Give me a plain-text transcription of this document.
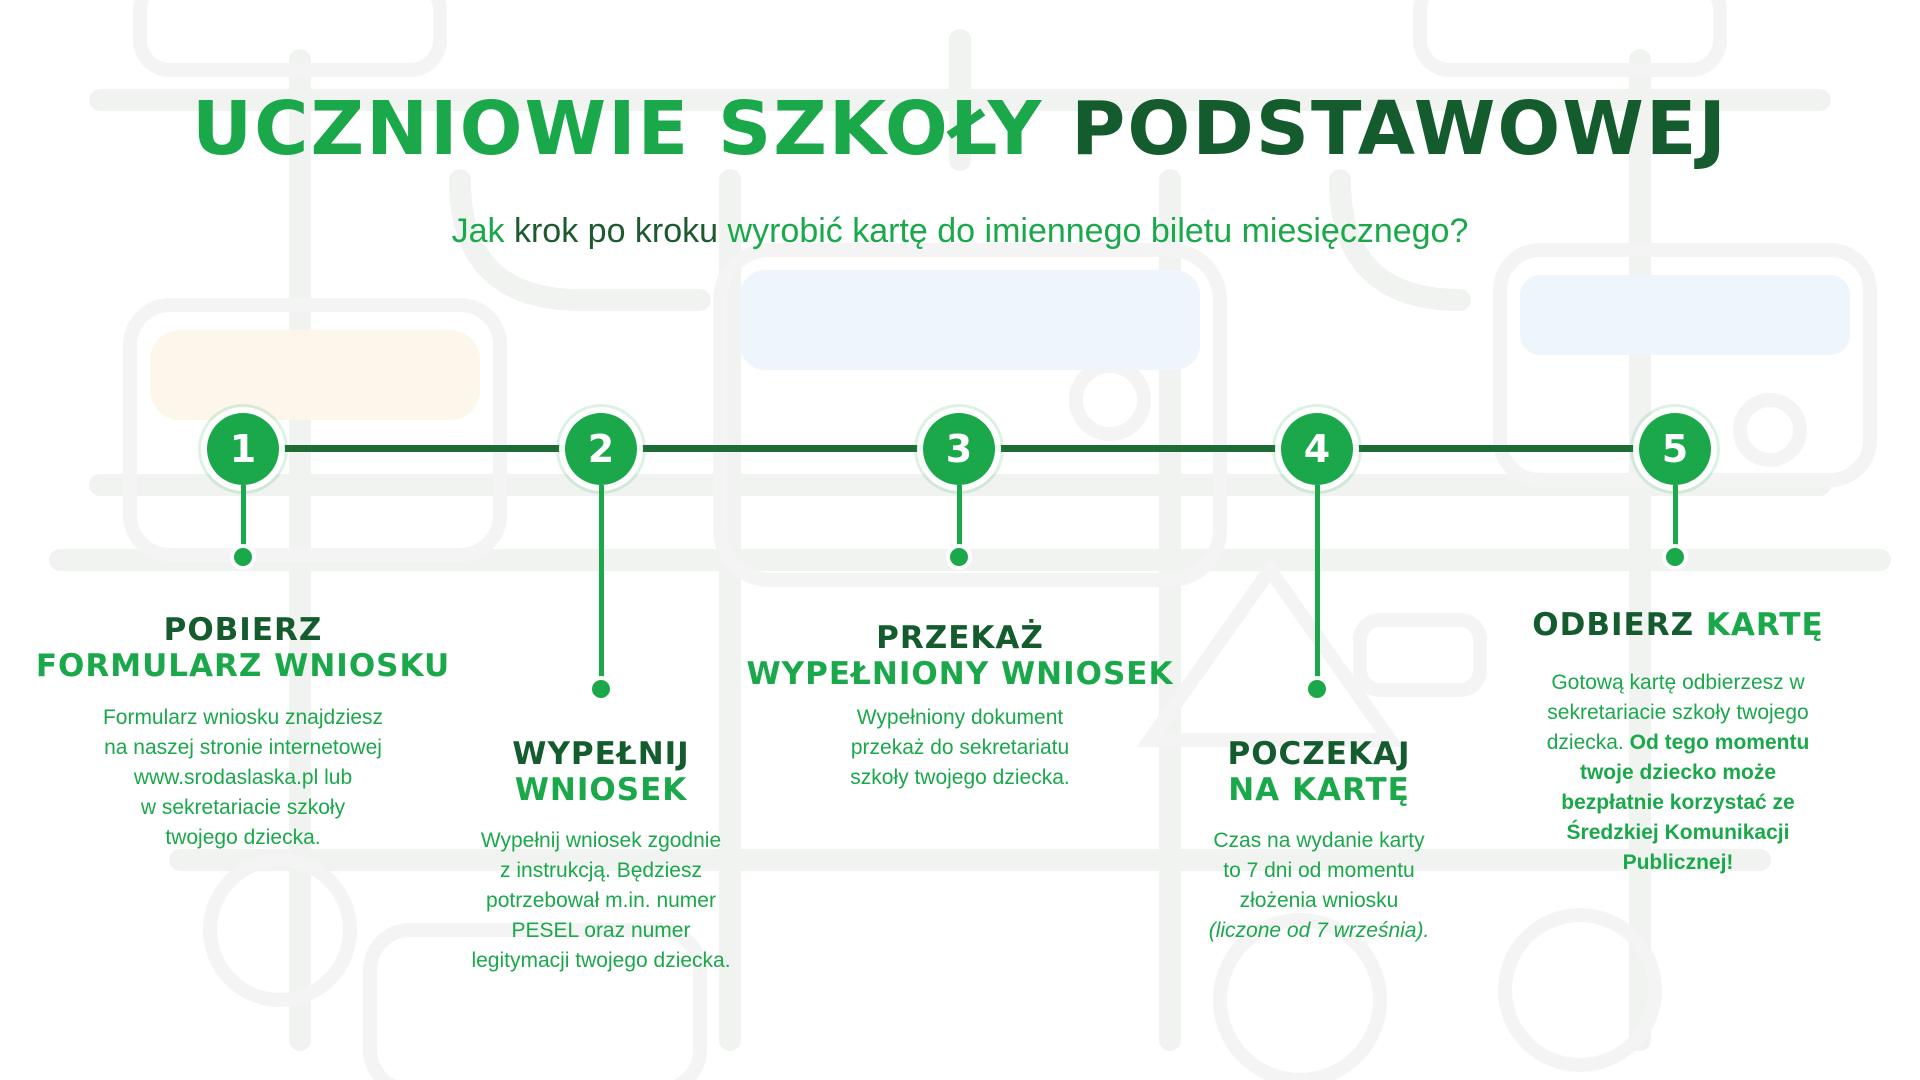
UCZNIOWIE SZKOŁY PODSTAWOWEJ
Jak krok po kroku wyrobić kartę do imiennego biletu miesięcznego?
1
POBIERZ
FORMULARZ WNIOSKU
Formularz wniosku znajdziesz
na naszej stronie internetowej
www.srodaslaska.pl lub
w sekretariacie szkoły
twojego dziecka.
2
WYPEŁNIJ
WNIOSEK
Wypełnij wniosek zgodnie
z instrukcją. Będziesz
potrzebował m.in. numer
PESEL oraz numer
legitymacji twojego dziecka.
3
PRZEKAŻ
WYPEŁNIONY WNIOSEK
Wypełniony dokument
przekaż do sekretariatu
szkoły twojego dziecka.
4
POCZEKAJ
NA KARTĘ
Czas na wydanie karty
to 7 dni od momentu
złożenia wniosku
(liczone od 7 września).
5
ODBIERZ KARTĘ
Gotową kartę odbierzesz w
sekretariacie szkoły twojego
dziecka. Od tego momentu
twoje dziecko może
bezpłatnie korzystać ze
Średzkiej Komunikacji
Publicznej!
